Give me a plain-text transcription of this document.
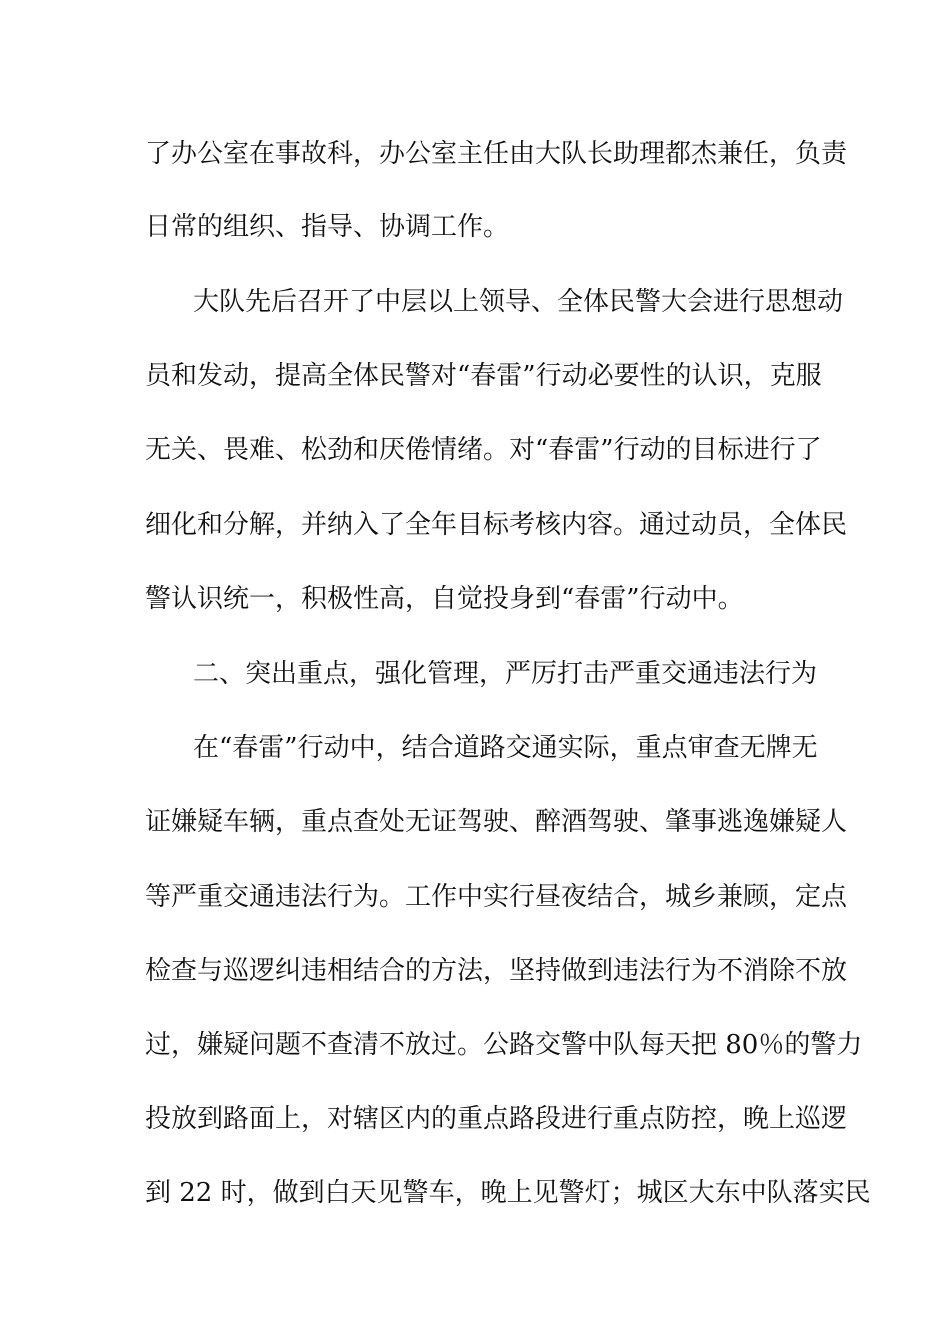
了办公室在事故科，办公室主任由大队长助理都杰兼任，负责
日常的组织、指导、协调工作。
大队先后召开了中层以上领导、全体民警大会进行思想动
员和发动，提高全体民警对“春雷”行动必要性的认识，克服
无关、畏难、松劲和厌倦情绪。对“春雷”行动的目标进行了
细化和分解，并纳入了全年目标考核内容。通过动员，全体民
警认识统一，积极性高，自觉投身到“春雷”行动中。
二、突出重点，强化管理，严厉打击严重交通违法行为
在“春雷”行动中，结合道路交通实际，重点审查无牌无
证嫌疑车辆，重点查处无证驾驶、醉酒驾驶、肇事逃逸嫌疑人
等严重交通违法行为。工作中实行昼夜结合，城乡兼顾，定点
检查与巡逻纠违相结合的方法，坚持做到违法行为不消除不放
过，嫌疑问题不查清不放过。公路交警中队每天把 80％的警力
投放到路面上，对辖区内的重点路段进行重点防控，晚上巡逻
到 22 时，做到白天见警车，晚上见警灯；城区大东中队落实民
